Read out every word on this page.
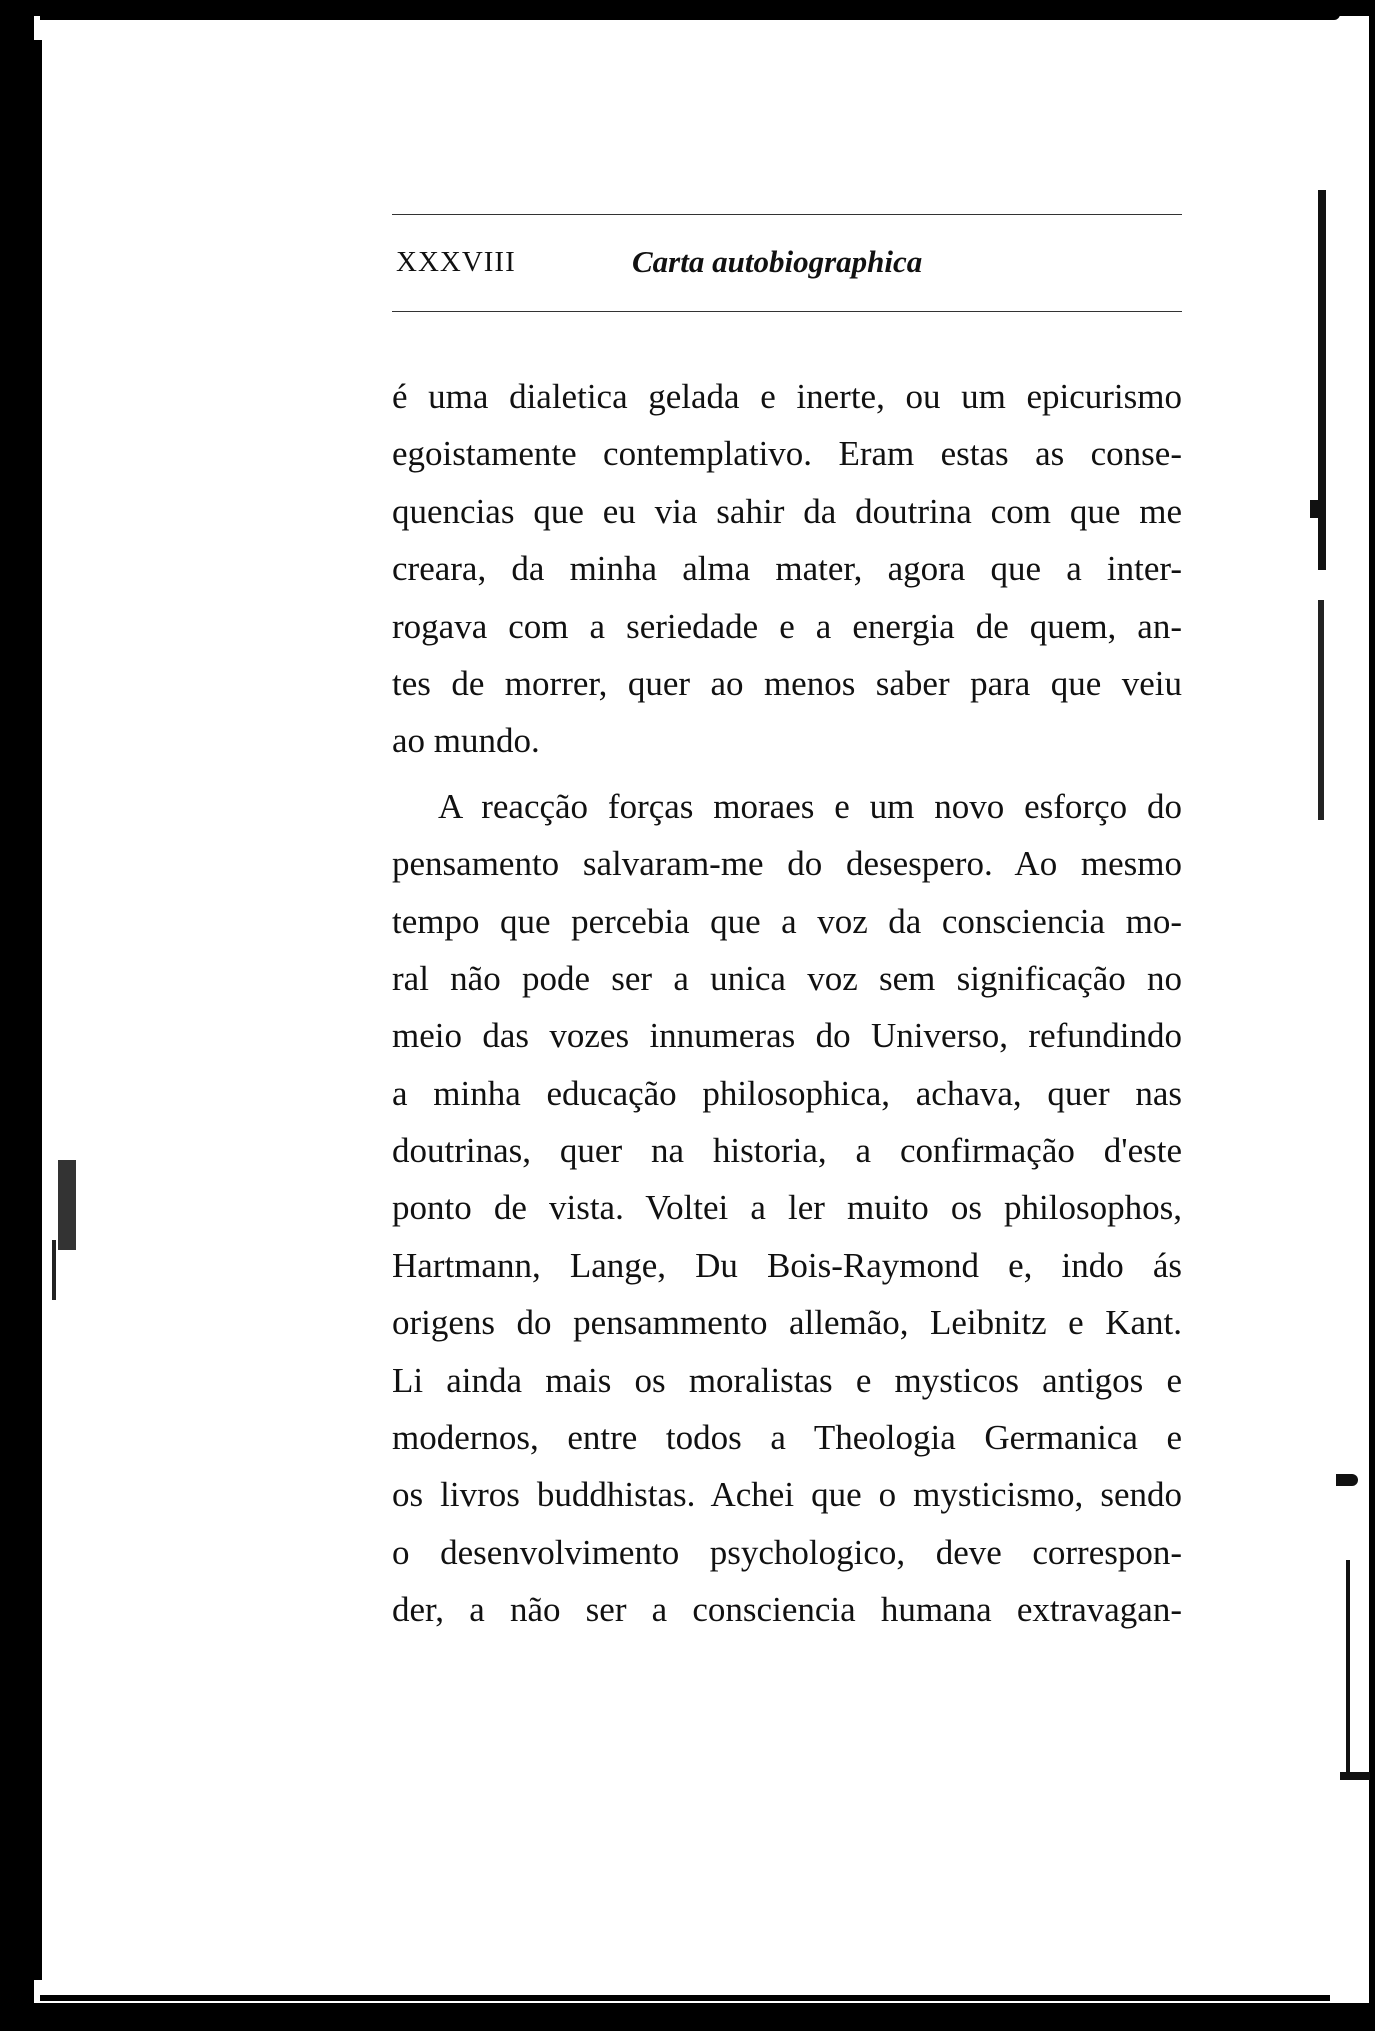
XXXVIII	Carta autobiographica
é uma dialetica gelada e inerte, ou um epicurismo
egoistamente contemplativo. Eram estas as conse-
quencias que eu via sahir da doutrina com que me
creara, da minha alma mater, agora que a inter-
rogava com a seriedade e a energia de quem, an-
tes de morrer, quer ao menos saber para que veiu
ao mundo.
A reacção forças moraes e um novo esforço do
pensamento salvaram-me do desespero. Ao mesmo
tempo que percebia que a voz da consciencia mo-
ral não pode ser a unica voz sem significação no
meio das vozes innumeras do Universo, refundindo
a minha educação philosophica, achava, quer nas
doutrinas, quer na historia, a confirmação d'este
ponto de vista. Voltei a ler muito os philosophos,
Hartmann, Lange, Du Bois-Raymond e, indo ás
origens do pensammento allemão, Leibnitz e Kant.
Li ainda mais os moralistas e mysticos antigos e
modernos, entre todos a Theologia Germanica e
os livros buddhistas. Achei que o mysticismo, sendo
o desenvolvimento psychologico, deve correspon-
der, a não ser a consciencia humana extravagan-
